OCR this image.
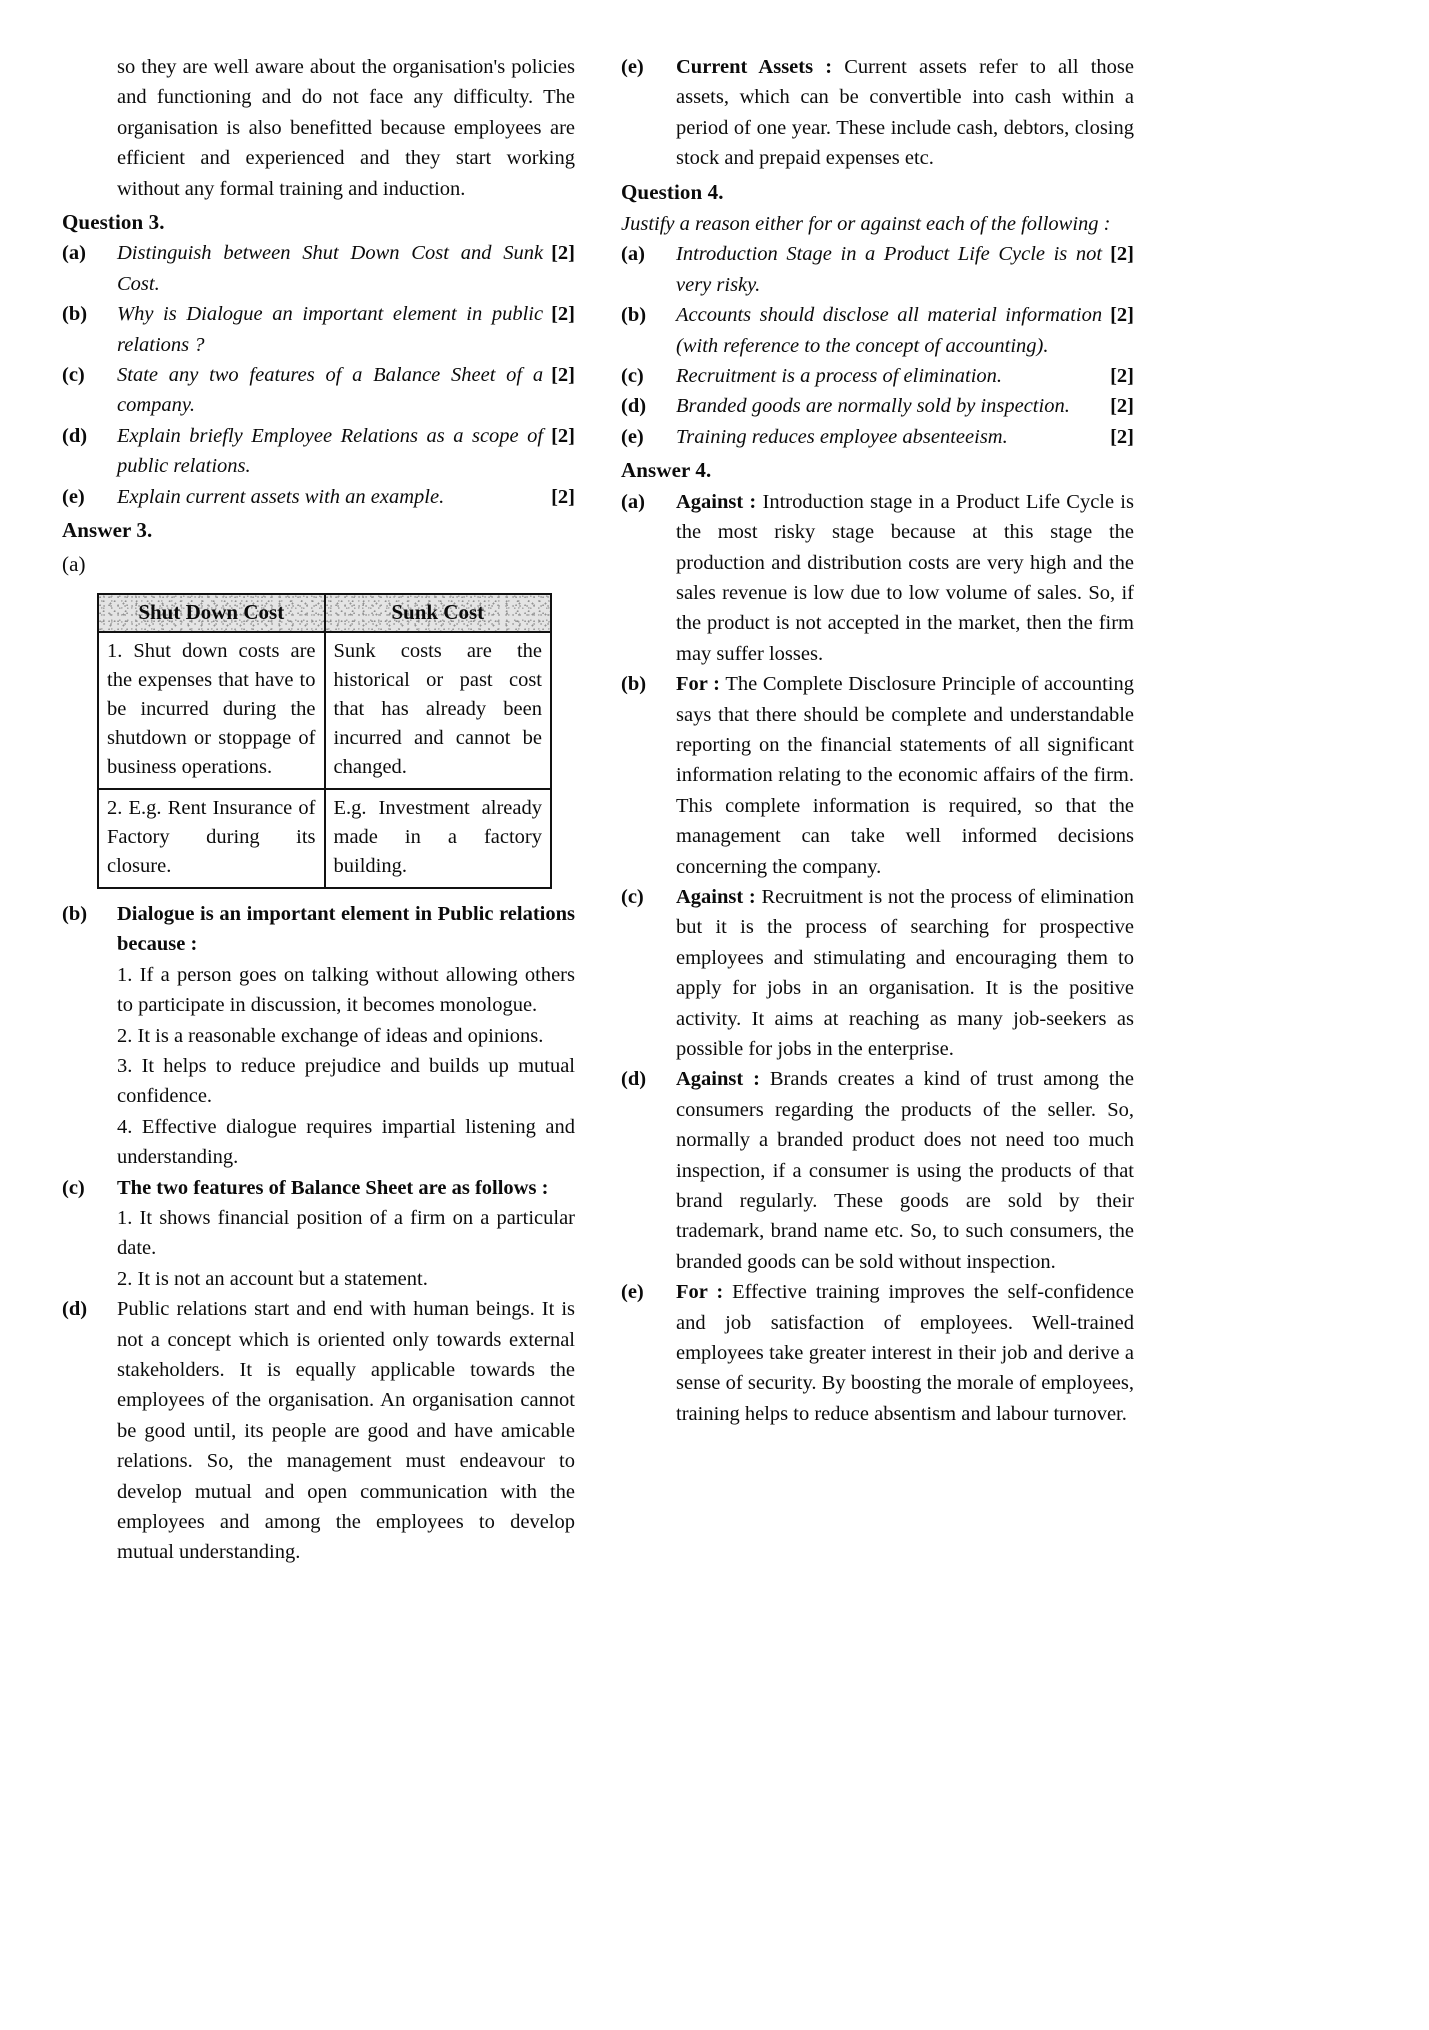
so they are well aware about the organisation's policies and functioning and do not face any difficulty. The organisation is also benefitted because employees are efficient and experienced and they start working without any formal training and induction.
Question 3.
(a)	[2]
Distinguish between Shut Down Cost and Sunk Cost.
(b)	[2]
Why is Dialogue an important element in public relations ?
(c)	[2]
State any two features of a Balance Sheet of a company.
(d)	[2]
Explain briefly Employee Relations as a scope of public relations.
(e)	[2]
Explain current assets with an example.
Answer 3.
(a)
Shut Down Cost	Sunk Cost
1. Shut down costs are the expenses that have to be incurred during the shutdown or stoppage of business operations.	Sunk costs are the historical or past cost that has already been incurred and cannot be changed.
2. E.g. Rent Insurance of Factory during its closure.	E.g. Investment already made in a factory building.
(b)	Dialogue is an important element in Public relations because :
1. If a person goes on talking without allowing others to participate in discussion, it becomes monologue.
2. It is a reasonable exchange of ideas and opinions.
3. It helps to reduce prejudice and builds up mutual confidence.
4. Effective dialogue requires impartial listening and understanding.
(c)	The two features of Balance Sheet are as follows :
1. It shows financial position of a firm on a particular date.
2. It is not an account but a statement.
(d)	Public relations start and end with human beings. It is not a concept which is oriented only towards external stakeholders. It is equally applicable towards the employees of the organisation. An organisation cannot be good until, its people are good and have amicable relations. So, the management must endeavour to develop mutual and open communication with the employees and among the employees to develop mutual understanding.
(e)	Current Assets : Current assets refer to all those assets, which can be convertible into cash within a period of one year. These include cash, debtors, closing stock and prepaid expenses etc.
Question 4.
Justify a reason either for or against each of the following :
(a)	[2]
Introduction Stage in a Product Life Cycle is not very risky.
(b)	[2]
Accounts should disclose all material information (with reference to the concept of accounting).
(c)	[2]
Recruitment is a process of elimination.
(d)	[2]
Branded goods are normally sold by inspection.
(e)	[2]
Training reduces employee absenteeism.
Answer 4.
(a)	Against : Introduction stage in a Product Life Cycle is the most risky stage because at this stage the production and distribution costs are very high and the sales revenue is low due to low volume of sales. So, if the product is not accepted in the market, then the firm may suffer losses.
(b)	For : The Complete Disclosure Principle of accounting says that there should be complete and understandable reporting on the financial statements of all significant information relating to the economic affairs of the firm. This complete information is required, so that the management can take well informed decisions concerning the company.
(c)	Against : Recruitment is not the process of elimination but it is the process of searching for prospective employees and stimulating and encouraging them to apply for jobs in an organisation. It is the positive activity. It aims at reaching as many job-seekers as possible for jobs in the enterprise.
(d)	Against : Brands creates a kind of trust among the consumers regarding the products of the seller. So, normally a branded product does not need too much inspection, if a consumer is using the products of that brand regularly. These goods are sold by their trademark, brand name etc. So, to such consumers, the branded goods can be sold without inspection.
(e)	For : Effective training improves the self-confidence and job satisfaction of employees. Well-trained employees take greater interest in their job and derive a sense of security. By boosting the morale of employees, training helps to reduce absentism and labour turnover.
